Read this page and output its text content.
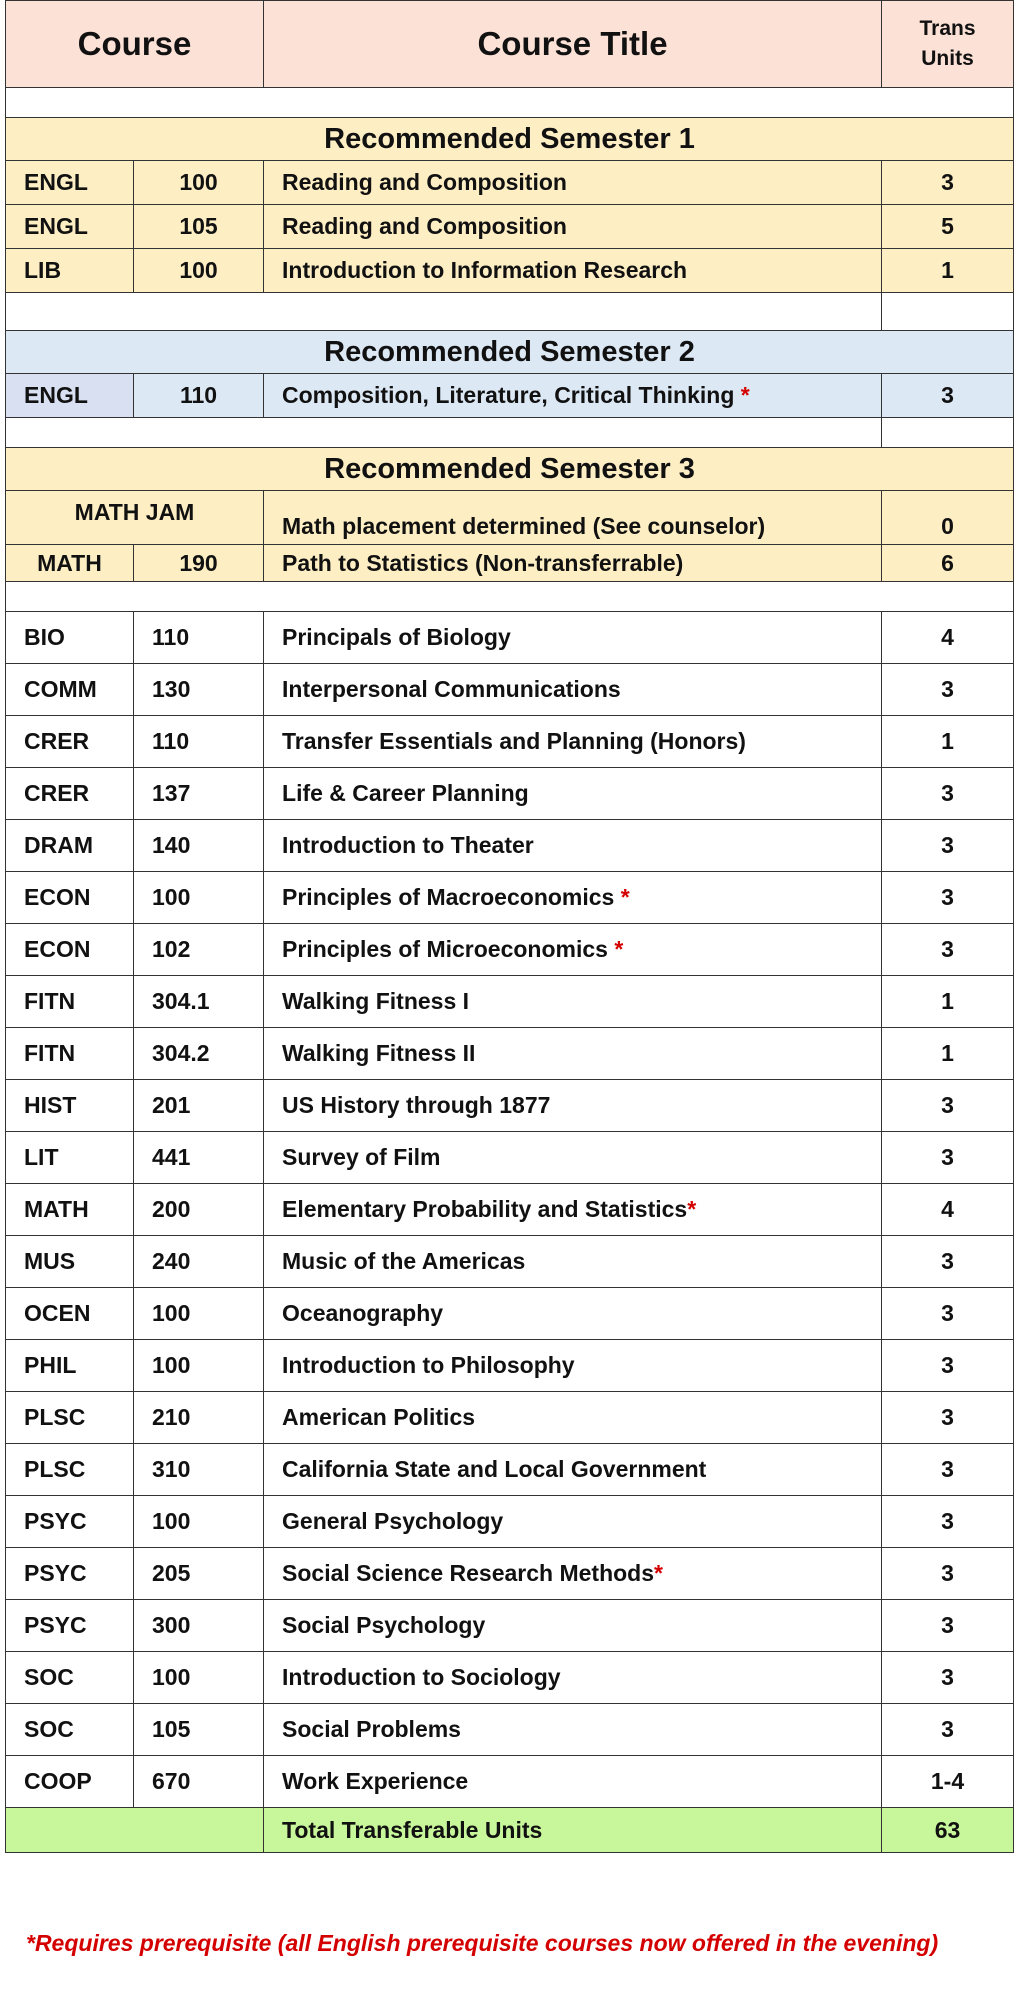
Course		Course Title	Trans
Units

Recommended Semester 1			
ENGL	100	Reading and Composition	3
ENGL	105	Reading and Composition	5
LIB	100	Introduction to Information Research	1

Recommended Semester 2			
ENGL	110	Composition, Literature, Critical Thinking *	3

Recommended Semester 3			
MATH JAM		Math placement determined (See counselor)	0
MATH	190	Path to Statistics (Non-transferrable)	6

BIO	110	Principals of Biology	4
COMM	130	Interpersonal Communications	3
CRER	110	Transfer Essentials and Planning (Honors)	1
CRER	137	Life & Career Planning	3
DRAM	140	Introduction to Theater	3
ECON	100	Principles of Macroeconomics *	3
ECON	102	Principles of Microeconomics *	3
FITN	304.1	Walking Fitness I	1
FITN	304.2	Walking Fitness II	1
HIST	201	US History through 1877	3
LIT	441	Survey of Film	3
MATH	200	Elementary Probability and Statistics*	4
MUS	240	Music of the Americas	3
OCEN	100	Oceanography	3
PHIL	100	Introduction to Philosophy	3
PLSC	210	American Politics	3
PLSC	310	California State and Local Government	3
PSYC	100	General Psychology	3
PSYC	205	Social Science Research Methods*	3
PSYC	300	Social Psychology	3
SOC	100	Introduction to Sociology	3
SOC	105	Social Problems	3
COOP	670	Work Experience	1-4
		Total Transferable Units	63
*Requires prerequisite (all English prerequisite courses now offered in the evening)
